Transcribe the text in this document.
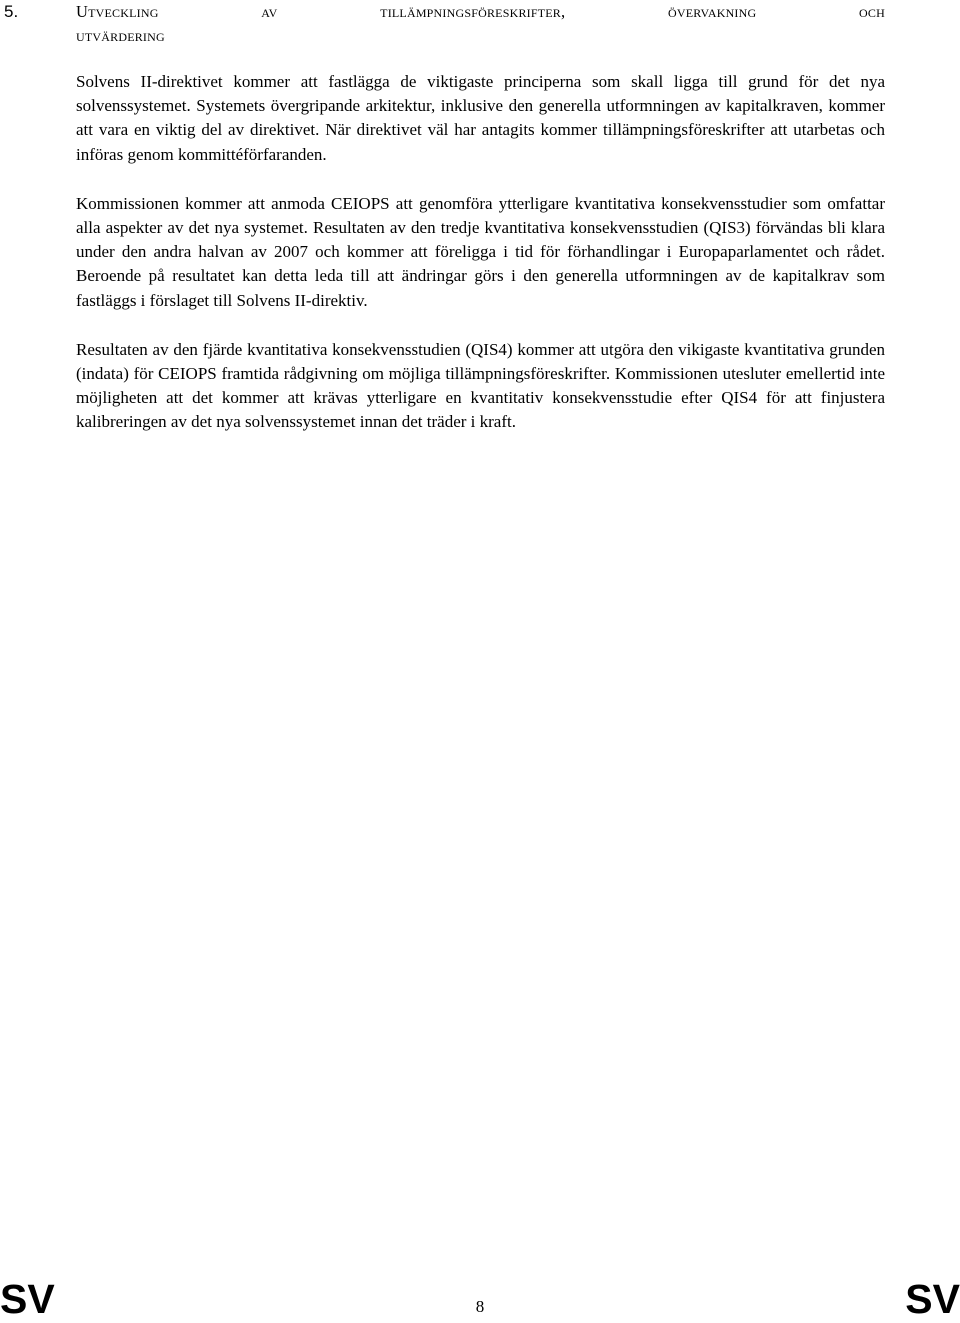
5.	Utveckling av tillämpningsföreskrifter, övervakning och
utvärdering

Solvens II-direktivet kommer att fastlägga de viktigaste principerna som skall ligga till grund för det nya solvenssystemet. Systemets övergripande arkitektur, inklusive den generella utformningen av kapitalkraven, kommer att vara en viktig del av direktivet. När direktivet väl har antagits kommer tillämpningsföreskrifter att utarbetas och införas genom kommittéförfaranden.

Kommissionen kommer att anmoda CEIOPS att genomföra ytterligare kvantitativa konsekvensstudier som omfattar alla aspekter av det nya systemet. Resultaten av den tredje kvantitativa konsekvensstudien (QIS3) förvändas bli klara under den andra halvan av 2007 och kommer att föreligga i tid för förhandlingar i Europaparlamentet och rådet. Beroende på resultatet kan detta leda till att ändringar görs i den generella utformningen av de kapitalkrav som fastläggs i förslaget till Solvens II-direktiv.

Resultaten av den fjärde kvantitativa konsekvensstudien (QIS4) kommer att utgöra den vikigaste kvantitativa grunden (indata) för CEIOPS framtida rådgivning om möjliga tillämpningsföreskrifter. Kommissionen utesluter emellertid inte möjligheten att det kommer att krävas ytterligare en kvantitativ konsekvensstudie efter QIS4 för att finjustera kalibreringen av det nya solvenssystemet innan det träder i kraft.

SV	8	SV
